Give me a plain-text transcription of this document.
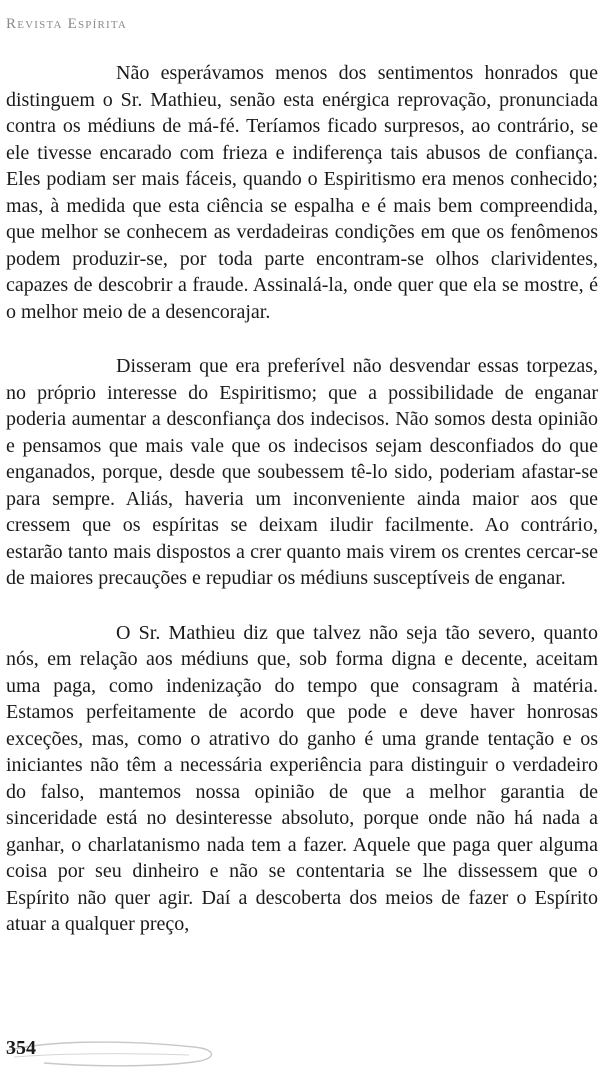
Revista Espírita

Não esperávamos menos dos sentimentos honrados que distinguem o Sr. Mathieu, senão esta enérgica reprovação, pronunciada contra os médiuns de má-fé. Teríamos ficado surpresos, ao contrário, se ele tivesse encarado com frieza e indiferença tais abusos de confiança. Eles podiam ser mais fáceis, quando o Espiritismo era menos conhecido; mas, à medida que esta ciência se espalha e é mais bem compreendida, que melhor se conhecem as verdadeiras condições em que os fenômenos podem produzir-se, por toda parte encontram-se olhos clarividentes, capazes de descobrir a fraude. Assinalá-la, onde quer que ela se mostre, é o melhor meio de a desencorajar.

Disseram que era preferível não desvendar essas torpezas, no próprio interesse do Espiritismo; que a possibilidade de enganar poderia aumentar a desconfiança dos indecisos. Não somos desta opinião e pensamos que mais vale que os indecisos sejam desconfiados do que enganados, porque, desde que soubessem tê-lo sido, poderiam afastar-se para sempre. Aliás, haveria um inconveniente ainda maior aos que cressem que os espíritas se deixam iludir facilmente. Ao contrário, estarão tanto mais dispostos a crer quanto mais virem os crentes cercar-se de maiores precauções e repudiar os médiuns susceptíveis de enganar.

O Sr. Mathieu diz que talvez não seja tão severo, quanto nós, em relação aos médiuns que, sob forma digna e decente, aceitam uma paga, como indenização do tempo que consagram à matéria. Estamos perfeitamente de acordo que pode e deve haver honrosas exceções, mas, como o atrativo do ganho é uma grande tentação e os iniciantes não têm a necessária experiência para distinguir o verdadeiro do falso, mantemos nossa opinião de que a melhor garantia de sinceridade está no desinteresse absoluto, porque onde não há nada a ganhar, o charlatanismo nada tem a fazer. Aquele que paga quer alguma coisa por seu dinheiro e não se contentaria se lhe dissessem que o Espírito não quer agir. Daí a descoberta dos meios de fazer o Espírito atuar a qualquer preço,

354
